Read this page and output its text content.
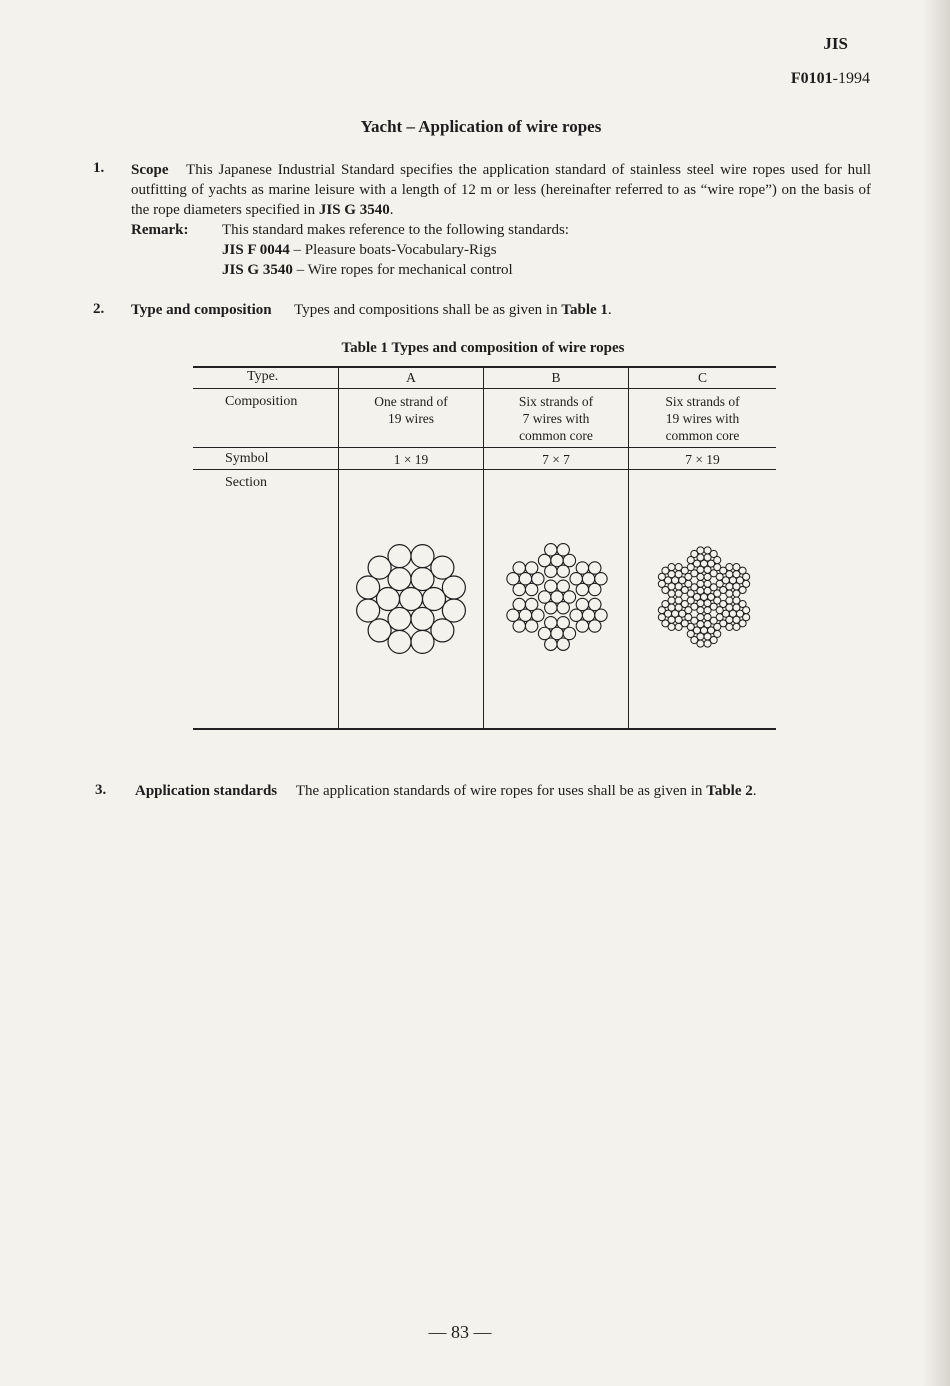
JIS
F0101-1994
Yacht – Application of wire ropes
1. Scope This Japanese Industrial Standard specifies the application standard of stainless steel wire ropes used for hull outfitting of yachts as marine leisure with a length of 12 m or less (hereinafter referred to as “wire rope”) on the basis of the rope diameters specified in JIS G 3540.
Remark: This standard makes reference to the following standards:
JIS F 0044 – Pleasure boats-Vocabulary-Rigs
JIS G 3540 – Wire ropes for mechanical control
2. Type and composition Types and compositions shall be as given in Table 1.
Table 1 Types and composition of wire ropes
Type.
Composition
Symbol
Section
A
One strand of
19 wires
1 × 19
B
Six strands of
7 wires with
common core
7 × 7
C
Six strands of
19 wires with
common core
7 × 19
3. Application standards The application standards of wire ropes for uses shall be as given in Table 2.
— 83 —
